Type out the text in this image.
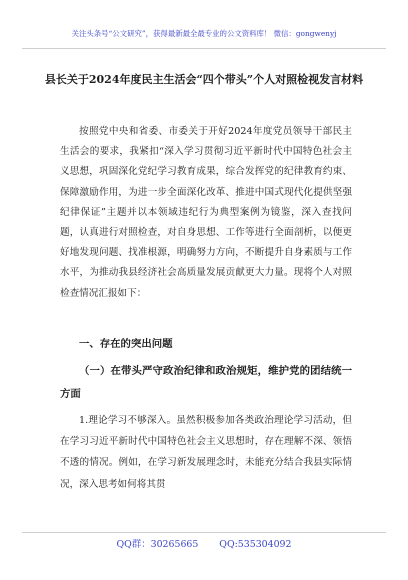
关注头条号“公文研究”，获得最新最全最专业的公文资料库！ 微信：gongwenyj
县长关于2024年度民主生活会“四个带头”个人对照检视发言材料
按照党中央和省委、市委关于开好2024年度党员领导干部民主生活会的要求，我紧扣“深入学习贯彻习近平新时代中国特色社会主义思想，巩固深化党纪学习教育成果，综合发挥党的纪律教育约束、保障激励作用，为进一步全面深化改革、推进中国式现代化提供坚强纪律保证”主题并以本领域违纪行为典型案例为镜鉴，深入查找问题，认真进行对照检查，对自身思想、工作等进行全面剖析，以便更好地发现问题、找准根源，明确努力方向，不断提升自身素质与工作水平，为推动我县经济社会高质量发展贡献更大力量。现将个人对照检查情况汇报如下：
一、存在的突出问题
（一）在带头严守政治纪律和政治规矩，维护党的团结统一方面
1.理论学习不够深入。虽然积极参加各类政治理论学习活动，但在学习习近平新时代中国特色社会主义思想时，存在理解不深、领悟不透的情况。例如，在学习新发展理念时，未能充分结合我县实际情况，深入思考如何将其贯
QQ群：30265665   QQ:535304092
